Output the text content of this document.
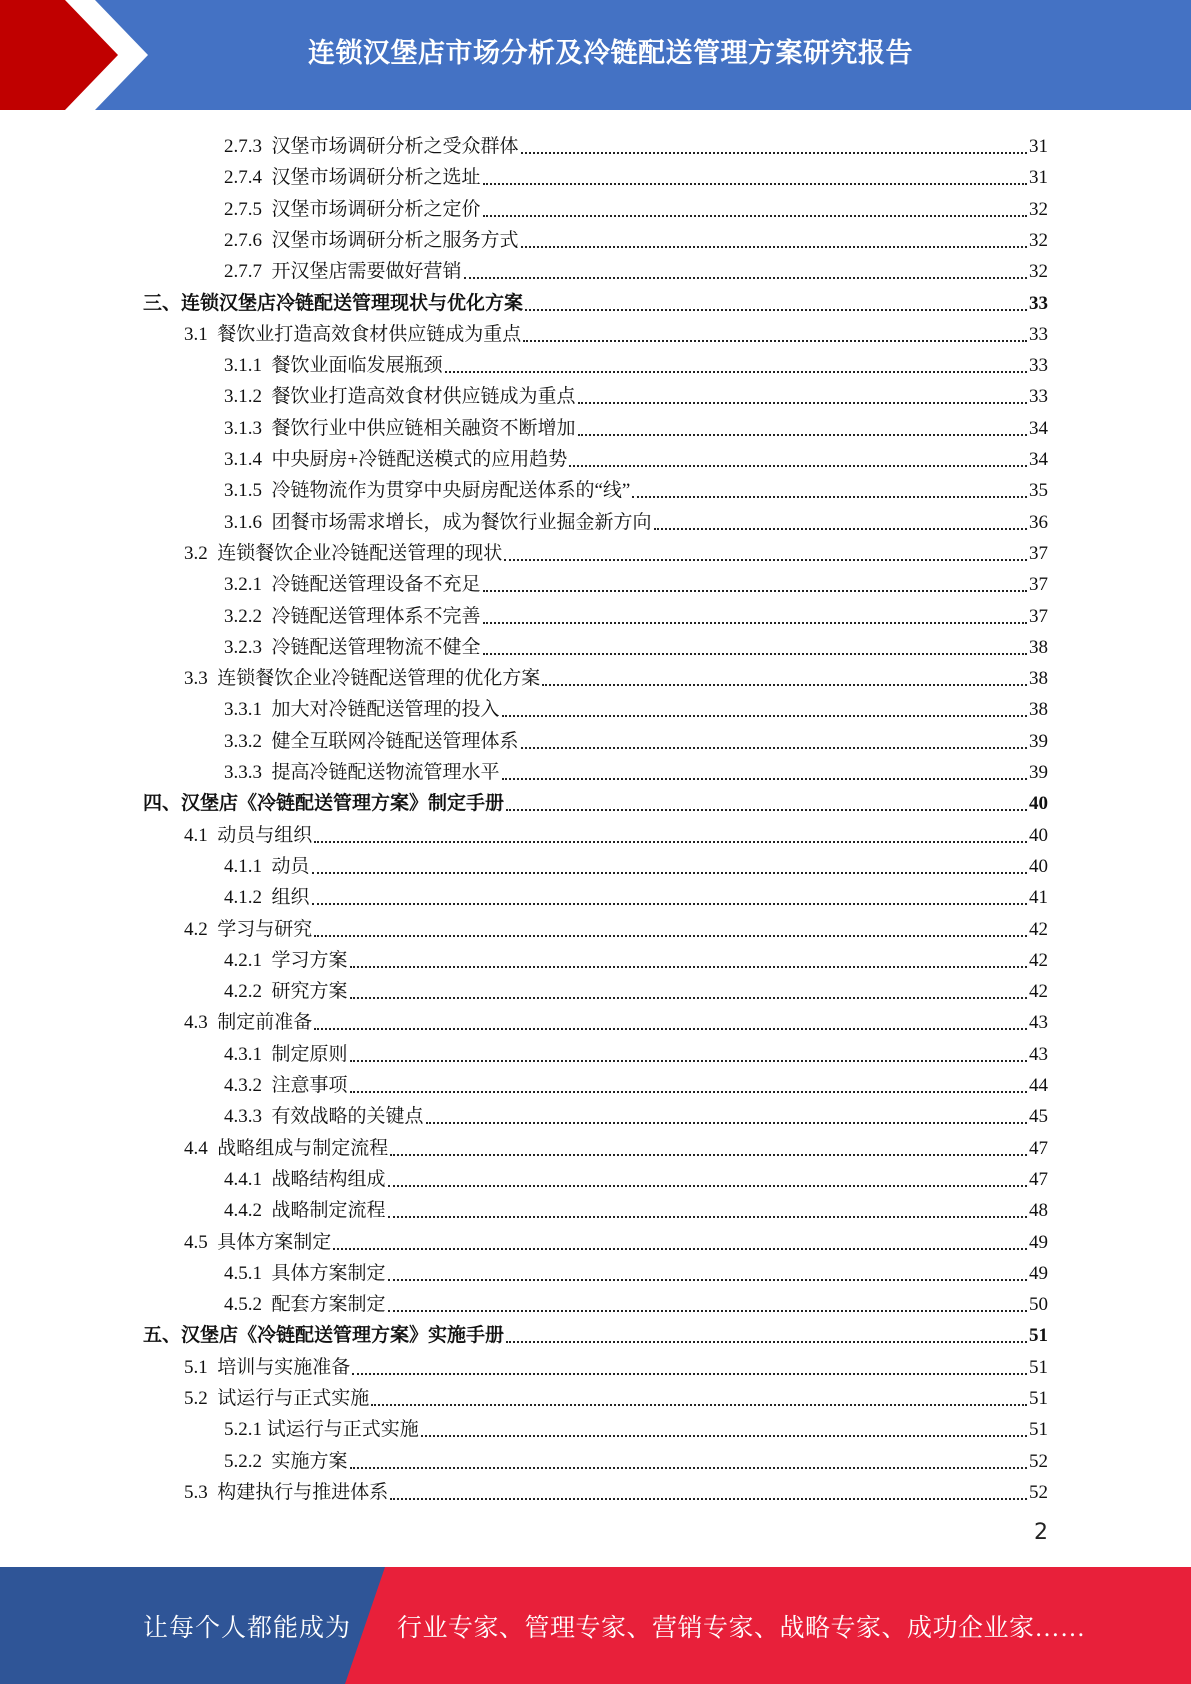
连锁汉堡店市场分析及冷链配送管理方案研究报告
2.7.3 汉堡市场调研分析之受众群体	31
2.7.4 汉堡市场调研分析之选址	31
2.7.5 汉堡市场调研分析之定价	32
2.7.6 汉堡市场调研分析之服务方式	32
2.7.7 开汉堡店需要做好营销	32
三、连锁汉堡店冷链配送管理现状与优化方案	33
3.1 餐饮业打造高效食材供应链成为重点	33
3.1.1 餐饮业面临发展瓶颈	33
3.1.2 餐饮业打造高效食材供应链成为重点	33
3.1.3 餐饮行业中供应链相关融资不断增加	34
3.1.4 中央厨房+冷链配送模式的应用趋势	34
3.1.5 冷链物流作为贯穿中央厨房配送体系的“线”	35
3.1.6 团餐市场需求增长，成为餐饮行业掘金新方向	36
3.2 连锁餐饮企业冷链配送管理的现状	37
3.2.1 冷链配送管理设备不充足	37
3.2.2 冷链配送管理体系不完善	37
3.2.3 冷链配送管理物流不健全	38
3.3 连锁餐饮企业冷链配送管理的优化方案	38
3.3.1 加大对冷链配送管理的投入	38
3.3.2 健全互联网冷链配送管理体系	39
3.3.3 提高冷链配送物流管理水平	39
四、汉堡店《冷链配送管理方案》制定手册	40
4.1 动员与组织	40
4.1.1 动员	40
4.1.2 组织	41
4.2 学习与研究	42
4.2.1 学习方案	42
4.2.2 研究方案	42
4.3 制定前准备	43
4.3.1 制定原则	43
4.3.2 注意事项	44
4.3.3 有效战略的关键点	45
4.4 战略组成与制定流程	47
4.4.1 战略结构组成	47
4.4.2 战略制定流程	48
4.5 具体方案制定	49
4.5.1 具体方案制定	49
4.5.2 配套方案制定	50
五、汉堡店《冷链配送管理方案》实施手册	51
5.1 培训与实施准备	51
5.2 试运行与正式实施	51
5.2.1 试运行与正式实施	51
5.2.2 实施方案	52
5.3 构建执行与推进体系	52
2
让每个人都能成为 行业专家、管理专家、营销专家、战略专家、成功企业家……
